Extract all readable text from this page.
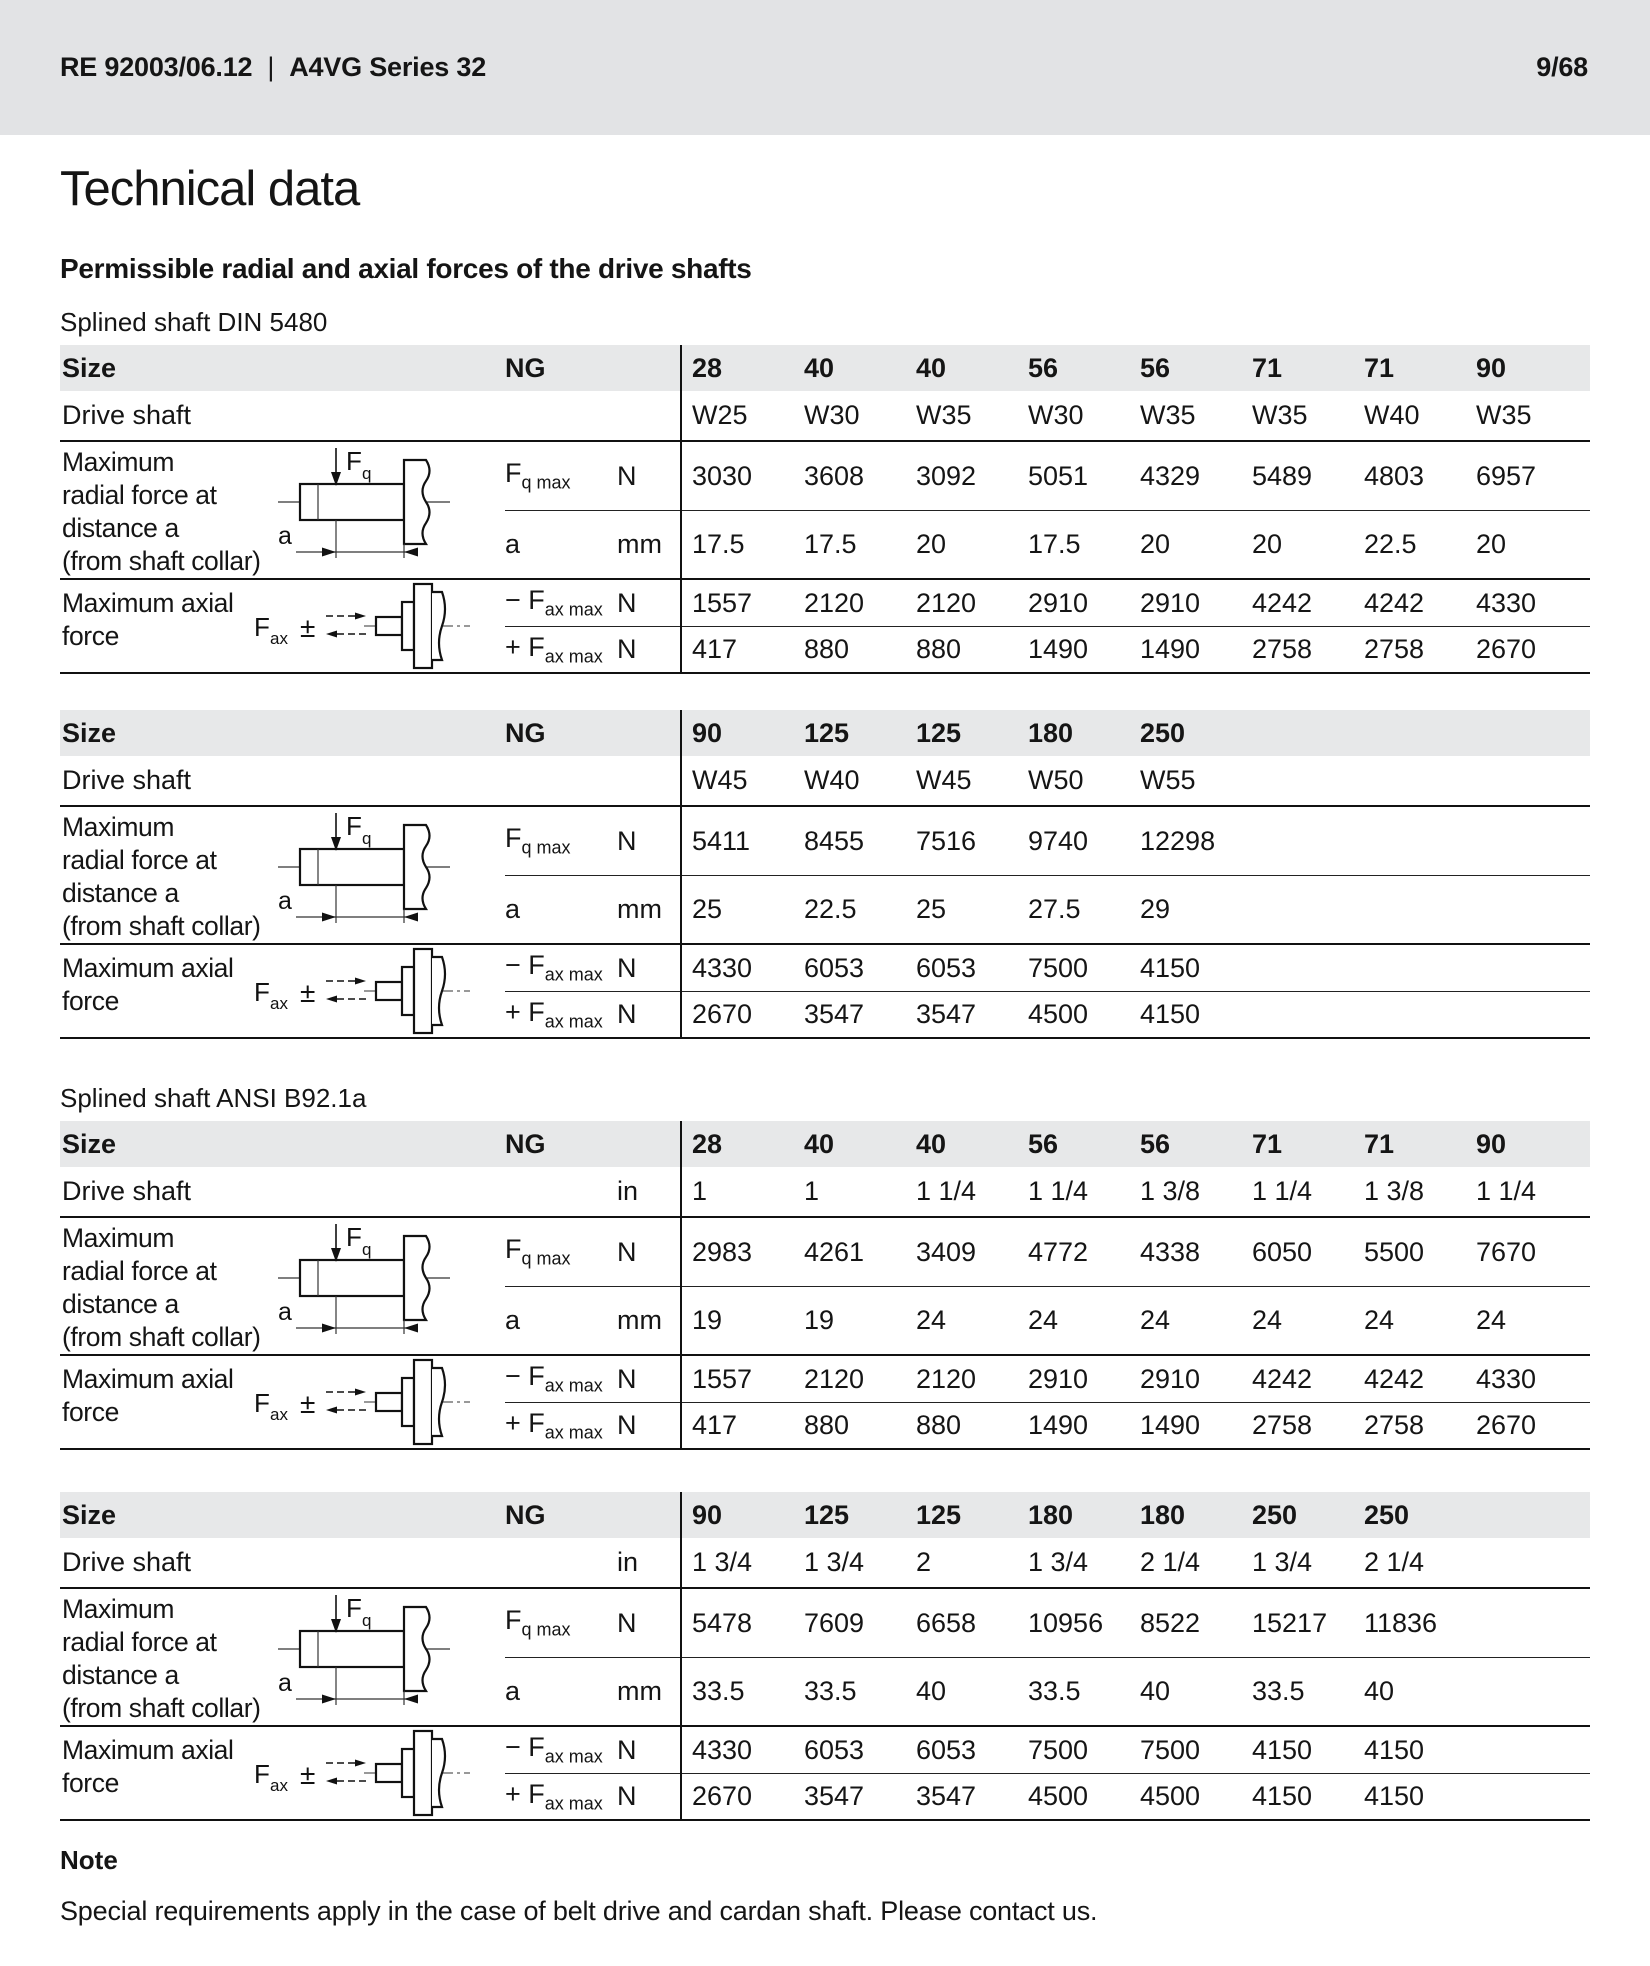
RE 92003/06.12 | A4VG Series 32	9/68
Technical data
Permissible radial and axial forces of the drive shafts
Splined shaft DIN 5480
Size	NG	28	40	40	56	56	71	71	90
Drive shaft	W25	W30	W35	W30	W35	W35	W40	W35
Maximum
radial force at
distance a
(from shaft collar)
F q
a
$F_{q max}$	N	3030	3608	3092	5051	4329	5489	4803	6957
a	mm	17.5	17.5	20	17.5	20	20	22.5	20
Maximum axial
force	F ax ±
− $F_{ax max}$ N	1557	2120	2120	2910	2910	4242	4242	4330
+ $F_{ax max}$ N	417	880	880	1490	1490	2758	2758	2670
Size	NG	90	125	125	180	250
Drive shaft	W45	W40	W45	W50	W55
Maximum
radial force at
distance a
(from shaft collar)
F q
a
$F_{q max}$	N	5411	8455	7516	9740	12298
a	mm	25	22.5	25	27.5	29
Maximum axial
force	F ax ±
− $F_{ax max}$ N	4330	6053	6053	7500	4150
+ $F_{ax max}$ N	2670	3547	3547	4500	4150
Splined shaft ANSI B92.1a
Size	NG	28	40	40	56	56	71	71	90
Drive shaft	in	1	1	1 1/4	1 1/4	1 3/8	1 1/4	1 3/8	1 1/4
Maximum
radial force at
distance a
(from shaft collar)
F q
a
$F_{q max}$	N	2983	4261	3409	4772	4338	6050	5500	7670
a	mm	19	19	24	24	24	24	24	24
Maximum axial
force	F ax ±
− $F_{ax max}$ N	1557	2120	2120	2910	2910	4242	4242	4330
+ $F_{ax max}$ N	417	880	880	1490	1490	2758	2758	2670
Size	NG	90	125	125	180	180	250	250
Drive shaft	in	1 3/4	1 3/4	2	1 3/4	2 1/4	1 3/4	2 1/4
Maximum
radial force at
distance a
(from shaft collar)
F q
a
$F_{q max}$	N	5478	7609	6658	10956	8522	15217	11836
a	mm	33.5	33.5	40	33.5	40	33.5	40
Maximum axial
force	F ax ±
− $F_{ax max}$ N	4330	6053	6053	7500	7500	4150	4150
+ $F_{ax max}$ N	2670	3547	3547	4500	4500	4150	4150
Note

Special requirements apply in the case of belt drive and cardan shaft. Please contact us.
